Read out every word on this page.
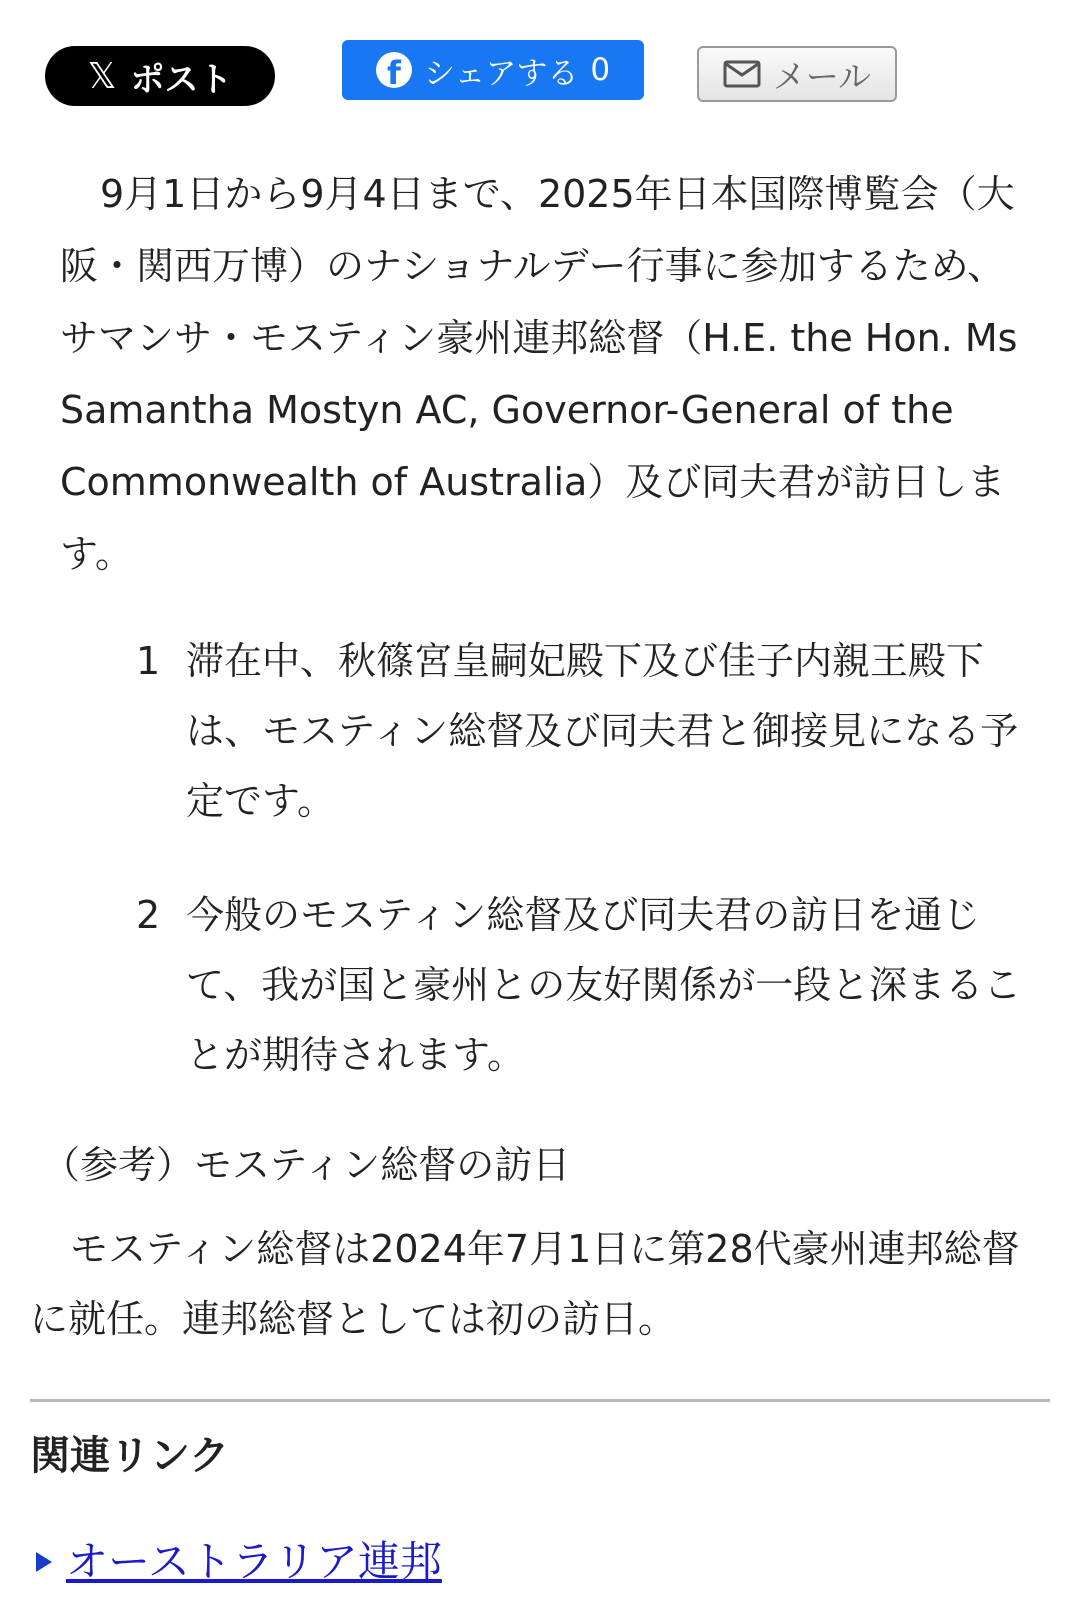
𝕏 ポスト	f シェアする 0	メール

9月1日から9月4日まで、2025年日本国際博覧会（大阪・関西万博）のナショナルデー行事に参加するため、サマンサ・モスティン豪州連邦総督（H.E. the Hon. Ms Samantha Mostyn AC, Governor-General of the Commonwealth of Australia）及び同夫君が訪日します。

1 滞在中、秋篠宮皇嗣妃殿下及び佳子内親王殿下は、モスティン総督及び同夫君と御接見になる予定です。
2 今般のモスティン総督及び同夫君の訪日を通じて、我が国と豪州との友好関係が一段と深まることが期待されます。
（参考）モスティン総督の訪日

モスティン総督は2024年7月1日に第28代豪州連邦総督に就任。連邦総督としては初の訪日。

関連リンク
オーストラリア連邦
